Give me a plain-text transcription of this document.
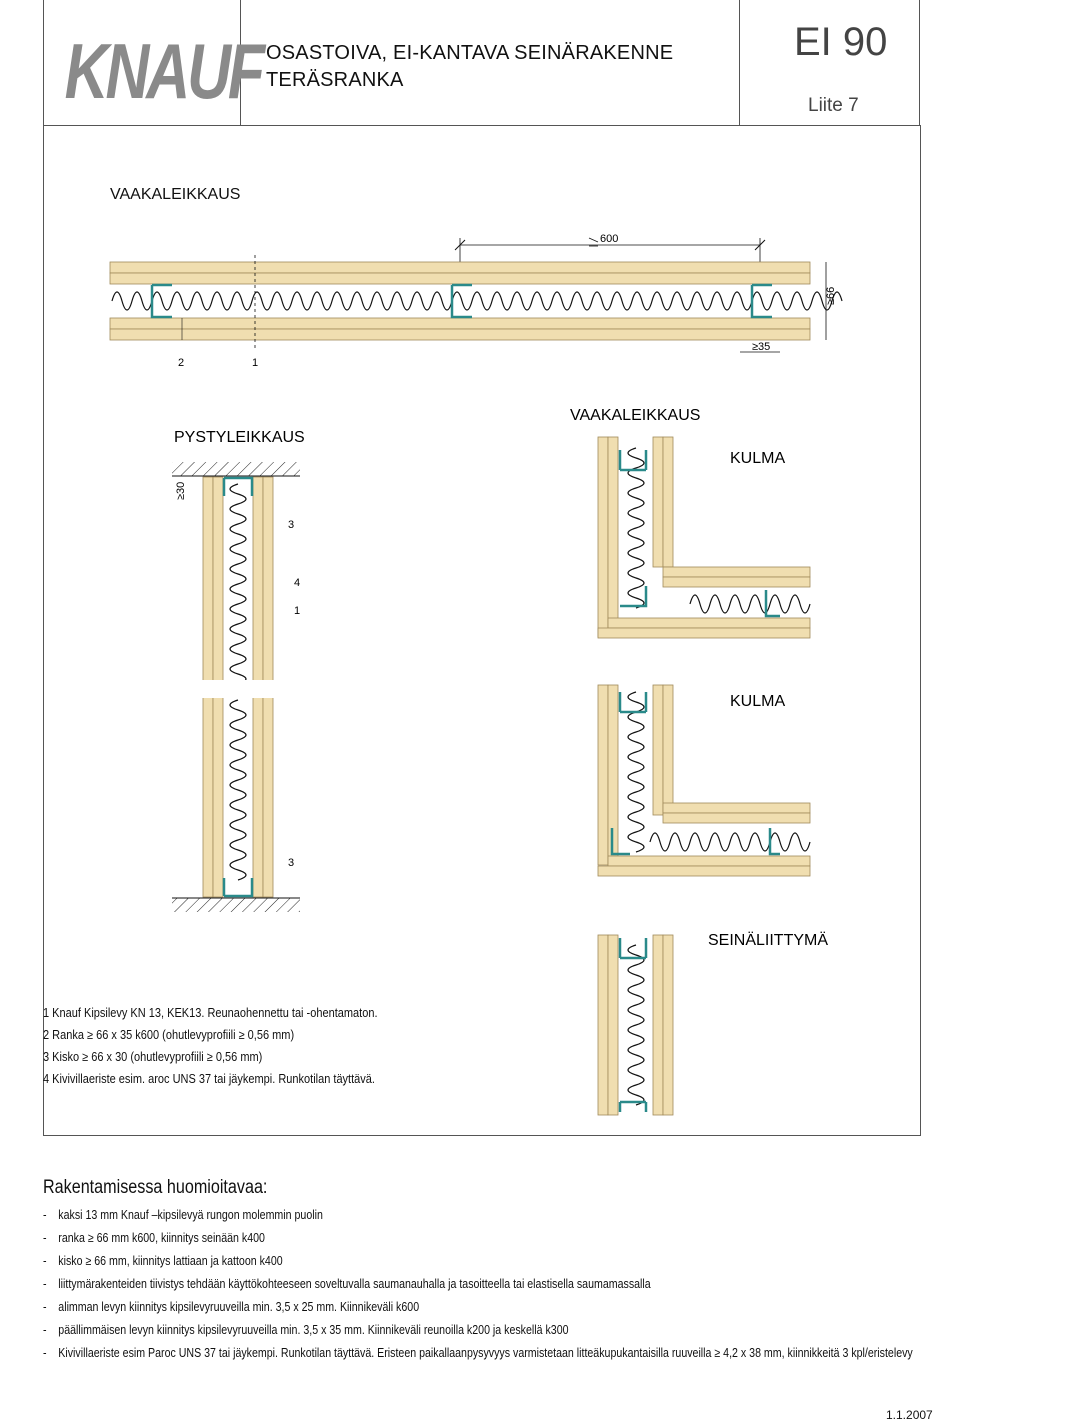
KNAUF OSASTOIVA, EI-KANTAVA SEINÄRAKENNE
TERÄSRANKA
EI 90
Liite 7
VAAKALEIKKAUS
600
2	1
≥66
≥35
PYSTYLEIKKAUS
≥30
3
4
1
3
VAAKALEIKKAUS
KULMA
KULMA
SEINÄLIITTYMÄ
1 Knauf Kipsilevy KN 13, KEK13. Reunaohennettu tai -ohentamaton.
2 Ranka ≥ 66 x 35 k600 (ohutlevyprofiili ≥ 0,56 mm)
3 Kisko ≥ 66 x 30 (ohutlevyprofiili ≥ 0,56 mm)
4 Kivivillaeriste esim. aroc UNS 37 tai jäykempi. Runkotilan täyttävä.
Rakentamisessa huomioitavaa:
- kaksi 13 mm Knauf –kipsilevyä rungon molemmin puolin
- ranka ≥ 66 mm k600, kiinnitys seinään k400
- kisko ≥ 66 mm, kiinnitys lattiaan ja kattoon k400
- liittymärakenteiden tiivistys tehdään käyttökohteeseen soveltuvalla saumanauhalla ja tasoitteella tai elastisella saumamassalla
- alimman levyn kiinnitys kipsilevyruuveilla min. 3,5 x 25 mm. Kiinnikeväli k600
- päällimmäisen levyn kiinnitys kipsilevyruuveilla min. 3,5 x 35 mm. Kiinnikeväli reunoilla k200 ja keskellä k300
- Kivivillaeriste esim Paroc UNS 37 tai jäykempi. Runkotilan täyttävä. Eristeen paikallaanpysyvyys varmistetaan litteäkupukantaisilla ruuveilla ≥ 4,2 x 38 mm, kiinnikkeitä 3 kpl/eristelevy
1.1.2007
